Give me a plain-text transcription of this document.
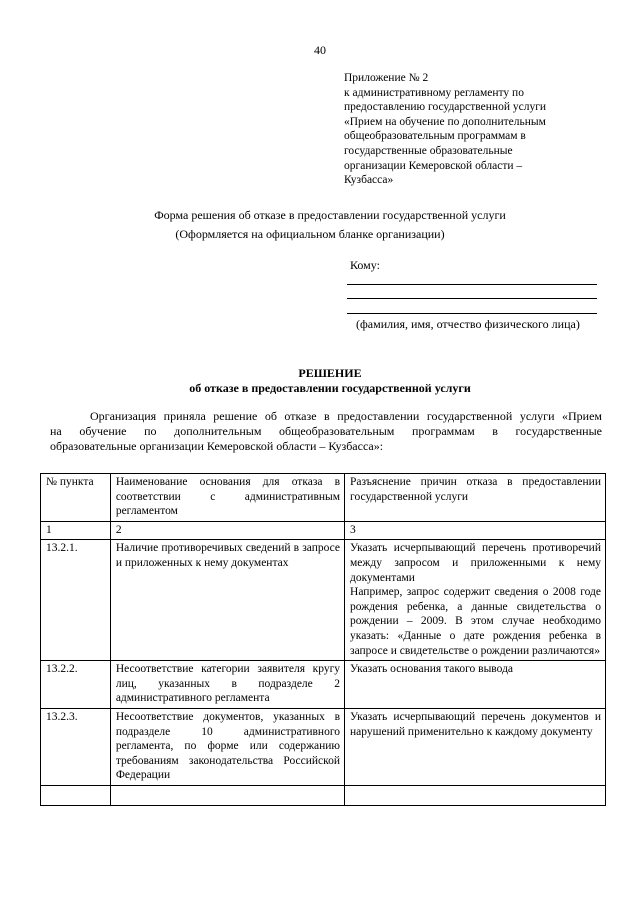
40
Приложение № 2
к административному регламенту по
предоставлению государственной услуги
«Прием на обучение по дополнительным
общеобразовательным программам в
государственные образовательные
организации Кемеровской области –
Кузбасса»
Форма решения об отказе в предоставлении государственной услуги
(Оформляется на официальном бланке организации)
Кому:
(фамилия, имя, отчество физического лица)
РЕШЕНИЕ
об отказе в предоставлении государственной услуги
Организация приняла решение об отказе в предоставлении государственной услуги «Прием
на обучение по дополнительным общеобразовательным программам в государственные
образовательные организации Кемеровской области – Кузбасса»:
№ пункта	Наименование основания для отказа в соответствии с административным регламентом	Разъяснение причин отказа в предоставлении государственной услуги
1	2	3
13.2.1.	Наличие противоречивых сведений в запросе и приложенных к нему документах	Указать исчерпывающий перечень противоречий между запросом и приложенными к нему документами
Например, запрос содержит сведения о 2008 годе рождения ребенка, а данные свидетельства о рождении – 2009. В этом случае необходимо указать: «Данные о дате рождения ребенка в запросе и свидетельстве о рождении различаются»

13.2.2.	Несоответствие категории заявителя кругу лиц, указанных в подразделе 2 административного регламента	Указать основания такого вывода
13.2.3.	Несоответствие документов, указанных в подразделе 10 административного регламента, по форме или содержанию требованиям законодательства Российской Федерации	Указать исчерпывающий перечень документов и нарушений применительно к каждому документу
